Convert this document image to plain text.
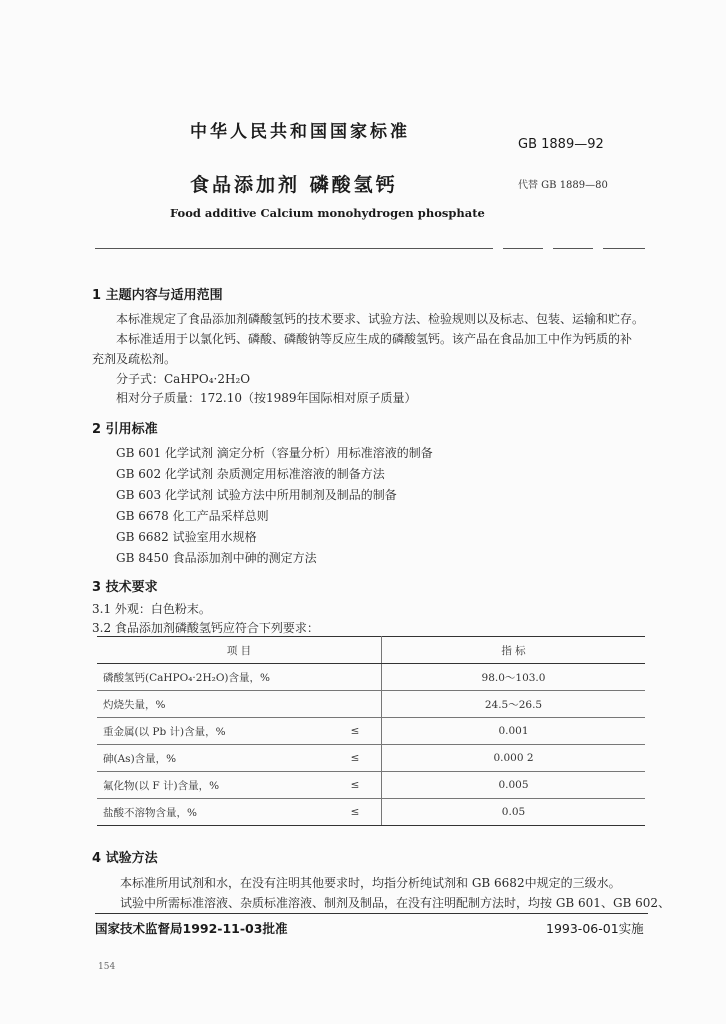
中华人民共和国国家标准
GB 1889—92
食品添加剂 磷酸氢钙	代替 GB 1889—80
Food additive Calcium monohydrogen phosphate
1 主题内容与适用范围
本标准规定了食品添加剂磷酸氢钙的技术要求、试验方法、检验规则以及标志、包装、运输和贮存。
本标准适用于以氯化钙、磷酸、磷酸钠等反应生成的磷酸氢钙。该产品在食品加工中作为钙质的补
充剂及疏松剂。
分子式：CaHPO₄·2H₂O
相对分子质量：172.10（按1989年国际相对原子质量）
2 引用标准
GB 601 化学试剂 滴定分析（容量分析）用标准溶液的制备
GB 602 化学试剂 杂质测定用标准溶液的制备方法
GB 603 化学试剂 试验方法中所用制剂及制品的制备
GB 6678 化工产品采样总则
GB 6682 试验室用水规格
GB 8450 食品添加剂中砷的测定方法
3 技术要求
3.1 外观：白色粉末。
3.2 食品添加剂磷酸氢钙应符合下列要求：
项 目		指 标
磷酸氢钙(CaHPO₄·2H₂O)含量，%		98.0～103.0
灼烧失量，%		24.5～26.5
重金属(以 Pb 计)含量，%	≤	0.001
砷(As)含量，%	≤	0.000 2
氟化物(以 F 计)含量，%	≤	0.005
盐酸不溶物含量，%	≤	0.05
4 试验方法
本标准所用试剂和水，在没有注明其他要求时，均指分析纯试剂和 GB 6682中规定的三级水。
试验中所需标准溶液、杂质标准溶液、制剂及制品，在没有注明配制方法时，均按 GB 601、GB 602、
国家技术监督局1992-11-03批准	1993-06-01实施
154
